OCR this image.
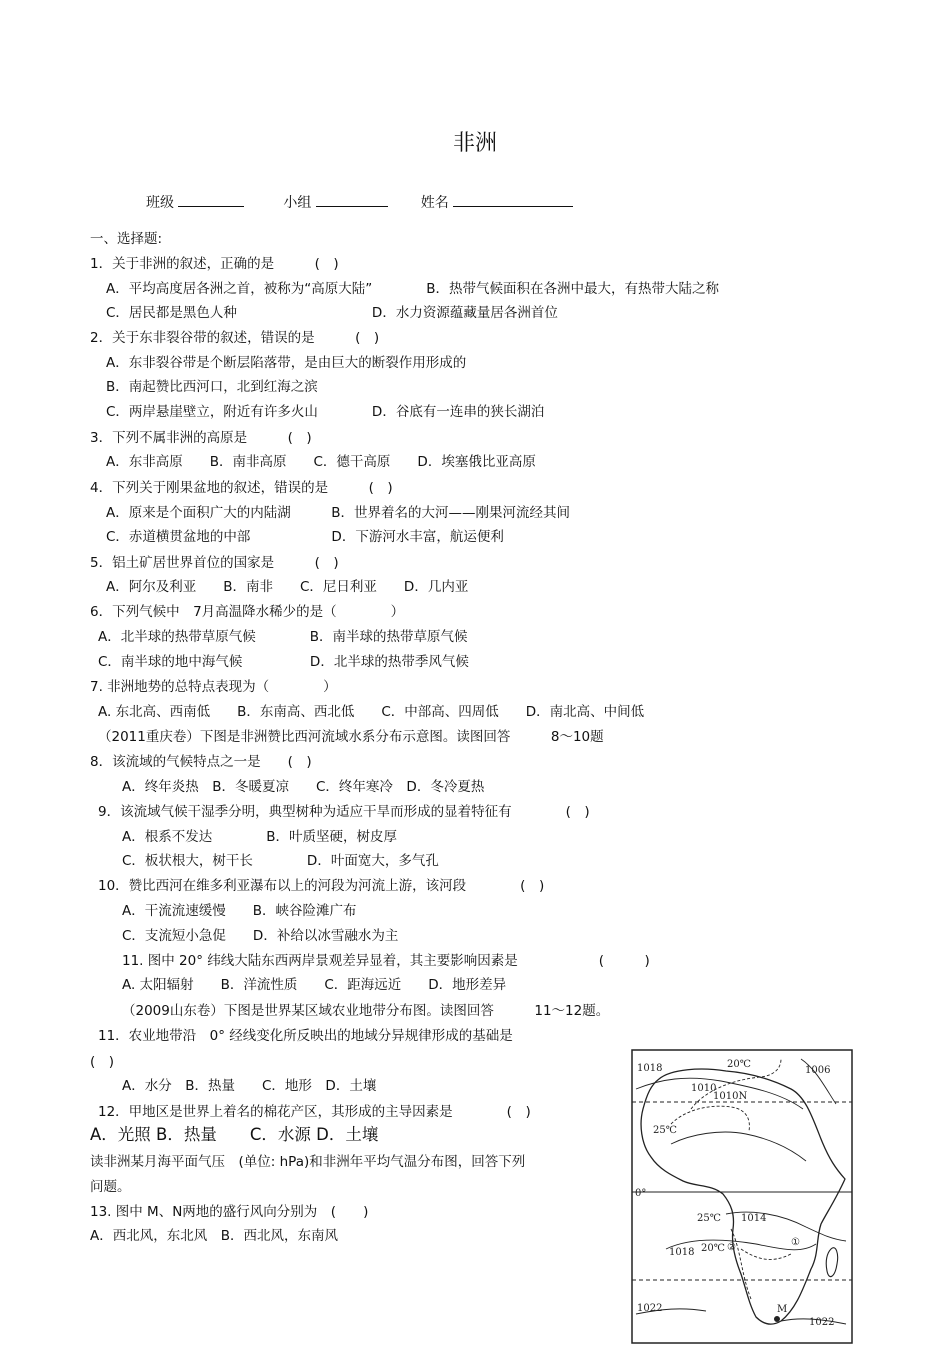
非洲
班级	小组	姓名
一、选择题:
1．关于非洲的叙述，正确的是　　　(　)
A．平均高度居各洲之首，被称为“高原大陆”　　　　B．热带气候面积在各洲中最大，有热带大陆之称
C．居民都是黑色人种　　　　　　　　　　D．水力资源蕴藏量居各洲首位
2．关于东非裂谷带的叙述，错误的是　　　(　)
A．东非裂谷带是个断层陷落带，是由巨大的断裂作用形成的
B．南起赞比西河口，北到红海之滨
C．两岸悬崖壁立，附近有许多火山　　　　D．谷底有一连串的狭长湖泊
3．下列不属非洲的高原是　　　(　)
A．东非高原　　B．南非高原　　C．德干高原　　D．埃塞俄比亚高原
4．下列关于刚果盆地的叙述，错误的是　　　(　)
A．原来是个面积广大的内陆湖　　　B．世界着名的大河——刚果河流经其间
C．赤道横贯盆地的中部　　　　　　D．下游河水丰富，航运便利
5．铝土矿居世界首位的国家是　　　(　)
A．阿尔及利亚　　B．南非　　C．尼日利亚　　D．几内亚
6．下列气候中　7月高温降水稀少的是（　　　　）
A．北半球的热带草原气候　　　　B．南半球的热带草原气候
C．南半球的地中海气候　　　　　D．北半球的热带季风气候
7. 非洲地势的总特点表现为（　　　　）
A. 东北高、西南低　　B．东南高、西北低　　C．中部高、四周低　　D．南北高、中间低
（2011重庆卷）下图是非洲赞比西河流域水系分布示意图。读图回答　　　8～10题
8．该流域的气候特点之一是　　(　)
A．终年炎热　B．冬暖夏凉　　C．终年寒冷　D．冬冷夏热
9．该流域气候干湿季分明，典型树种为适应干旱而形成的显着特征有　　　　(　)
A．根系不发达　　　　B．叶质坚硬，树皮厚
C．板状根大，树干长　　　　D．叶面宽大，多气孔
10．赞比西河在维多利亚瀑布以上的河段为河流上游，该河段　　　　(　)
A．干流流速缓慢　　B．峡谷险滩广布
C．支流短小急促　　D．补给以冰雪融水为主
11. 图中 20° 纬线大陆东西两岸景观差异显着，其主要影响因素是　　　　　　(　　　)
A. 太阳辐射　　B．洋流性质　　C．距海远近　　D．地形差异
（2009山东卷）下图是世界某区域农业地带分布图。读图回答　　　11～12题。
11．农业地带沿　0° 经线变化所反映出的地域分异规律形成的基础是
(　)
A．水分　B．热量　　C．地形　D．土壤
12．甲地区是世界上着名的棉花产区，其形成的主导因素是　　　　(　)
A．光照 B．热量　　C．水源 D．土壤
读非洲某月海平面气压　(单位: hPa)和非洲年平均气温分布图，回答下列
问题。
13. 图中 M、N两地的盛行风向分别为　(　　)
A．西北风，东北风　B．西北风，东南风
1018	20℃
1006
1010
1010N
25℃
0°
1014
25℃
1018 20℃ ②	①
1022	M
1022
